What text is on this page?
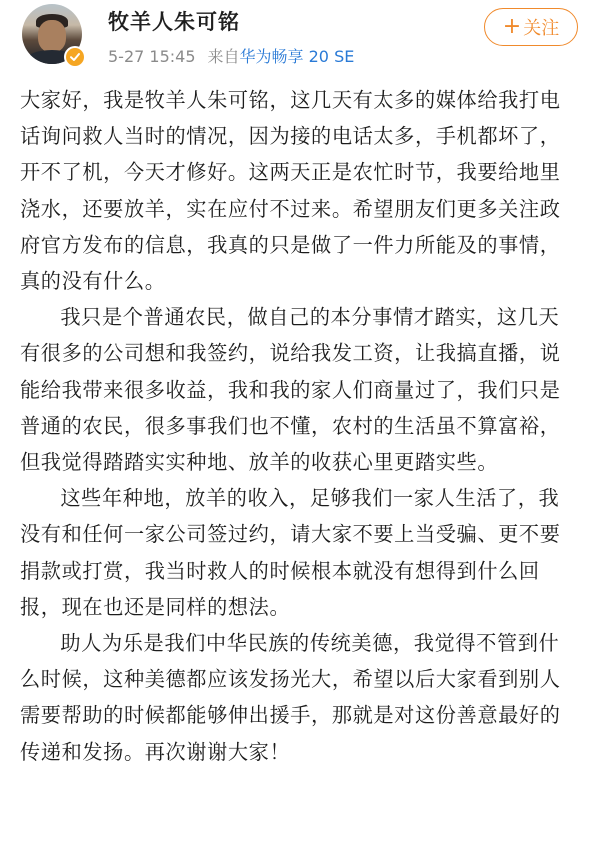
牧羊人朱可铭
5-27 15:45 来自华为畅享 20 SE
+ 关注

大家好，我是牧羊人朱可铭，这几天有太多的媒体给我打电话询问救人当时的情况，因为接的电话太多，手机都坏了，开不了机，今天才修好。这两天正是农忙时节，我要给地里浇水，还要放羊，实在应付不过来。希望朋友们更多关注政府官方发布的信息，我真的只是做了一件力所能及的事情，真的没有什么。

我只是个普通农民，做自己的本分事情才踏实，这几天有很多的公司想和我签约，说给我发工资，让我搞直播，说能给我带来很多收益，我和我的家人们商量过了，我们只是普通的农民，很多事我们也不懂，农村的生活虽不算富裕，但我觉得踏踏实实种地、放羊的收获心里更踏实些。

这些年种地，放羊的收入，足够我们一家人生活了，我没有和任何一家公司签过约，请大家不要上当受骗、更不要捐款或打赏，我当时救人的时候根本就没有想得到什么回报，现在也还是同样的想法。

助人为乐是我们中华民族的传统美德，我觉得不管到什么时候，这种美德都应该发扬光大，希望以后大家看到别人需要帮助的时候都能够伸出援手，那就是对这份善意最好的传递和发扬。再次谢谢大家！
